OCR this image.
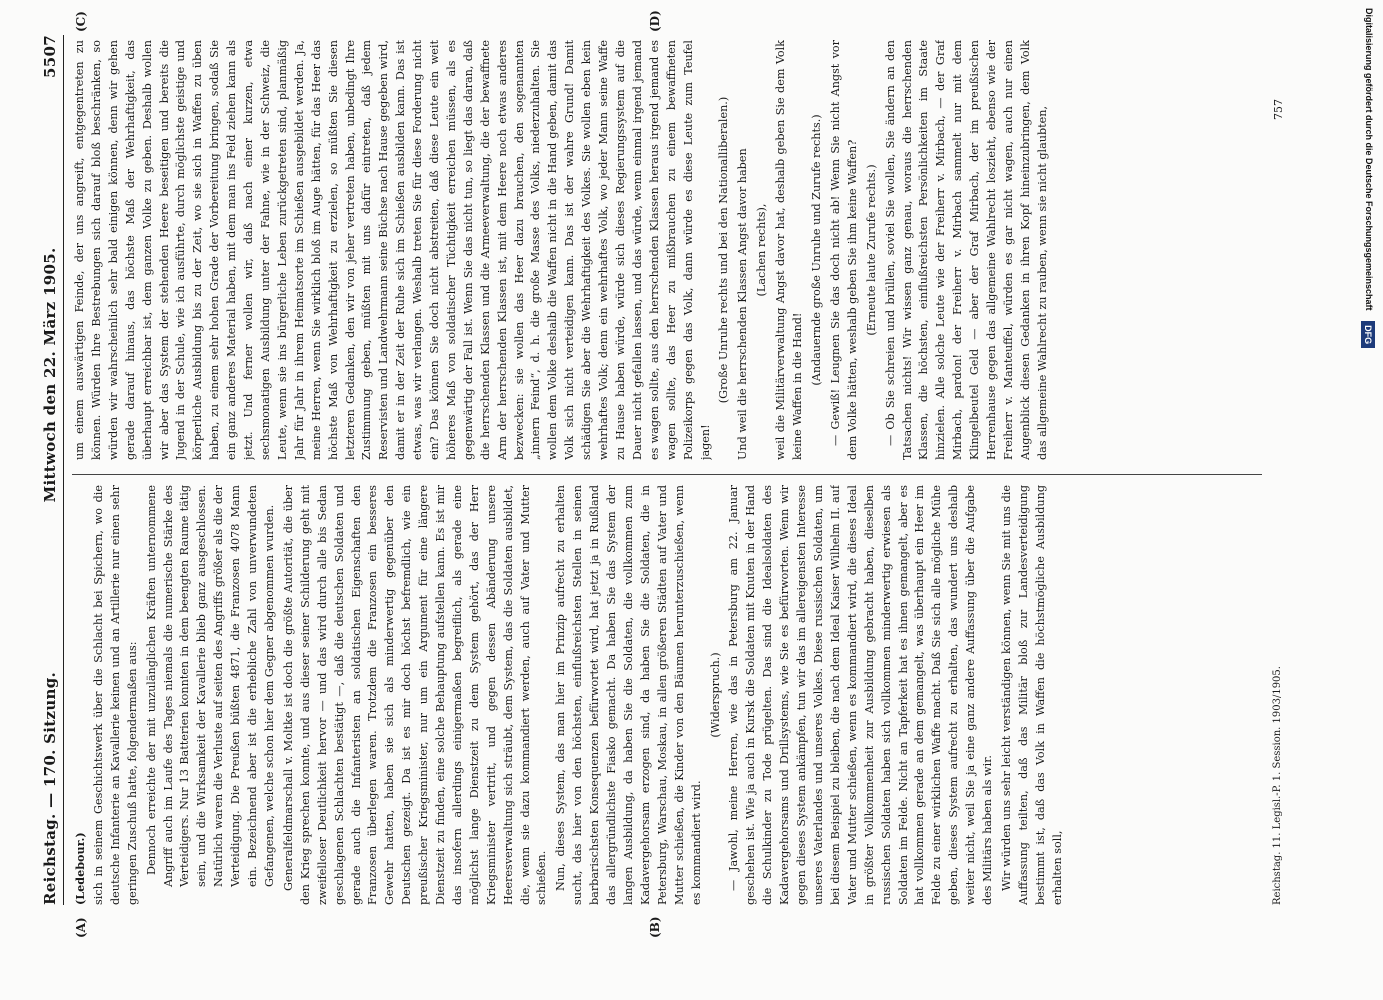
Reichstag. — 170. Sitzung.
Mittwoch den 22. März 1905.
5507
(A)	(B)
(C)	(D)

(Ledebour.) sich in seinem Geschichtswerk über die Schlacht bei Spichern, wo die deutsche Infanterie an Kavallerie keinen und an Artillerie nur einen sehr geringen Zuschuß hatte, folgendermaßen aus: Dennoch erreichte der mit unzulänglichen Kräften unternommene Angriff auch im Laufe des Tages niemals die numerische Stärke des Verteidigers. Nur 13 Batterien konnten in dem beengten Raume tätig sein, und die Wirksamkeit der Kavallerie blieb ganz ausgeschlossen. Natürlich waren die Verluste auf seiten des Angriffs größer als die der Verteidigung. Die Preußen büßten 4871, die Franzosen 4078 Mann ein. Bezeichnend aber ist die erhebliche Zahl von unverwundeten Gefangenen, welche schon hier dem Gegner abgenommen wurden. Generalfeldmarschall v. Moltke ist doch die größte Autorität, die über den Krieg sprechen konnte, und aus dieser seiner Schilderung geht mit zweifelloser Deutlichkeit hervor — und das wird durch alle bis Sedan geschlagenen Schlachten bestätigt —, daß die deutschen Soldaten und gerade auch die Infanteristen an soldatischen Eigenschaften den Franzosen überlegen waren. Trotzdem die Franzosen ein besseres Gewehr hatten, haben sie sich als minderwertig gegenüber den Deutschen gezeigt. Da ist es mir doch höchst befremdlich, wie ein preußischer Kriegsminister, nur um ein Argument für eine längere Dienstzeit zu finden, eine solche Behauptung aufstellen kann. Es ist mir das insofern allerdings einigermaßen begreiflich, als gerade eine möglichst lange Dienstzeit zu dem System gehört, das der Herr Kriegsminister vertritt, und gegen dessen Abänderung unsere Heeresverwaltung sich sträubt, dem System, das die Soldaten ausbildet, die, wenn sie dazu kommandiert werden, auch auf Vater und Mutter schießen. Nun, dieses System, das man hier im Prinzip aufrecht zu erhalten sucht, das hier von den höchsten, einflußreichsten Stellen in seinen barbarischsten Konsequenzen befürwortet wird, hat jetzt ja in Rußland das allergründlichste Fiasko gemacht. Da haben Sie das System der langen Ausbildung, da haben Sie die Soldaten, die vollkommen zum Kadavergehorsam erzogen sind, da haben Sie die Soldaten, die in Petersburg, Warschau, Moskau, in allen größeren Städten auf Vater und Mutter schießen, die Kinder von den Bäumen herunterzuschießen, wenn es kommandiert wird.

(Widerspruch.) — Jawohl, meine Herren, wie das in Petersburg am 22. Januar geschehen ist. Wie ja auch in Kursk die Soldaten mit Knuten in der Hand die Schulkinder zu Tode prügelten. Das sind die Idealsoldaten des Kadavergehorsams und Drillsystems, wie Sie es befürworten. Wenn wir gegen dieses System ankämpfen, tun wir das im allereigensten Interesse unseres Vaterlandes und unseres Volkes. Diese russischen Soldaten, um bei diesem Beispiel zu bleiben, die nach dem Ideal Kaiser Wilhelm II. auf Vater und Mutter schießen, wenn es kommandiert wird, die dieses Ideal in größter Vollkommenheit zur Ausbildung gebracht haben, dieselben russischen Soldaten haben sich vollkommen minderwertig erwiesen als Soldaten im Felde. Nicht an Tapferkeit hat es ihnen gemangelt, aber es hat vollkommen gerade an dem gemangelt, was überhaupt ein Heer im Felde zu einer wirklichen Waffe macht. Daß Sie sich alle mögliche Mühe geben, dieses System aufrecht zu erhalten, das wundert uns deshalb weiter nicht, weil Sie ja eine ganz andere Auffassung über die Aufgabe des Militärs haben als wir. Wir würden uns sehr leicht verständigen können, wenn Sie mit uns die Auffassung teilten, daß das Militär bloß zur Landesverteidigung bestimmt ist, daß das Volk in Waffen die höchstmögliche Ausbildung erhalten soll,

um einem auswärtigen Feinde, der uns angreift, entgegentreten zu können. Würden Ihre Bestrebungen sich darauf bloß beschränken, so würden wir wahrscheinlich sehr bald einigen können, denn wir gehen gerade darauf hinaus, das höchste Maß der Wehrhaftigkeit, das überhaupt erreichbar ist, dem ganzen Volke zu geben. Deshalb wollen wir aber das System der stehenden Heere beseitigen und bereits die Jugend in der Schule, wie ich ausführte, durch möglichste geistige und körperliche Ausbildung bis zu der Zeit, wo sie sich in Waffen zu üben haben, zu einem sehr hohen Grade der Vorbereitung bringen, sodaß Sie ein ganz anderes Material haben, mit dem man ins Feld ziehen kann als jetzt. Und ferner wollen wir, daß nach einer kurzen, etwa sechsmonatigen Ausbildung unter der Fahne, wie in der Schweiz, die Leute, wenn sie ins bürgerliche Leben zurückgetreten sind, planmäßig Jahr für Jahr in ihrem Heimatsorte im Schießen ausgebildet werden. Ja, meine Herren, wenn Sie wirklich bloß im Auge hätten, für das Heer das höchste Maß von Wehrhaftigkeit zu erzielen, so müßten Sie diesen letzteren Gedanken, den wir von jeher vertreten haben, unbedingt Ihre Zustimmung geben, müßten mit uns dafür eintreten, daß jedem Reservisten und Landwehrmann seine Büchse nach Hause gegeben wird, damit er in der Zeit der Ruhe sich im Schießen ausbilden kann. Das ist etwas, was wir verlangen. Weshalb treten Sie für diese Forderung nicht ein? Das können Sie doch nicht abstreiten, daß diese Leute ein weit höheres Maß von soldatischer Tüchtigkeit erreichen müssen, als es gegenwärtig der Fall ist. Wenn Sie das nicht tun, so liegt das daran, daß die herrschenden Klassen und die Armeeverwaltung, die der bewaffnete Arm der herrschenden Klassen ist, mit dem Heere noch etwas anderes bezwecken: sie wollen das Heer dazu brauchen, den sogenannten „innern Feind“, d. h. die große Masse des Volks, niederzuhalten. Sie wollen dem Volke deshalb die Waffen nicht in die Hand geben, damit das Volk sich nicht verteidigen kann. Das ist der wahre Grund! Damit schädigen Sie aber die Wehrhaftigkeit des Volkes. Sie wollen eben kein wehrhaftes Volk; denn ein wehrhaftes Volk, wo jeder Mann seine Waffe zu Hause haben würde, würde sich dieses Regierungssystem auf die Dauer nicht gefallen lassen, und das würde, wenn einmal irgend jemand es wagen sollte, aus den herrschenden Klassen heraus irgend jemand es wagen sollte, das Heer zu mißbrauchen zu einem bewaffneten Polizeikorps gegen das Volk, dann würde es diese Leute zum Teufel jagen!

(Große Unruhe rechts und bei den Nationalliberalen.) Und weil die herrschenden Klassen Angst davor haben (Lachen rechts), weil die Militärverwaltung Angst davor hat, deshalb geben Sie dem Volk keine Waffen in die Hand!

(Andauernde große Unruhe und Zurufe rechts.) — Gewiß! Leugnen Sie das doch nicht ab! Wenn Sie nicht Angst vor dem Volke hätten, weshalb geben Sie ihm keine Waffen? (Erneute laute Zurufe rechts.) — Ob Sie schreien und brüllen, soviel Sie wollen, Sie ändern an den Tatsachen nichts! Wir wissen ganz genau, woraus die herrschenden Klassen, die höchsten, einflußreichsten Persönlichkeiten im Staate hinzielen. Alle solche Leute wie der Freiherr v. Mirbach, — der Graf Mirbach, pardon! der Freiherr v. Mirbach sammelt nur mit dem Klingelbeutel Geld — aber der Graf Mirbach, der im preußischen Herrenhause gegen das allgemeine Wahlrecht loszieht, ebenso wie der Freiherr v. Manteuffel, würden es gar nicht wagen, auch nur einen Augenblick diesen Gedanken in ihren Kopf hineinzubringen, dem Volk das allgemeine Wahlrecht zu rauben, wenn sie nicht glaubten,

Reichstag. 11. Legisl.-P. 1. Session. 1903/1905.
757	Digitalisierung gefördert durch die Deutsche Forschungsgemeinschaft DFG
